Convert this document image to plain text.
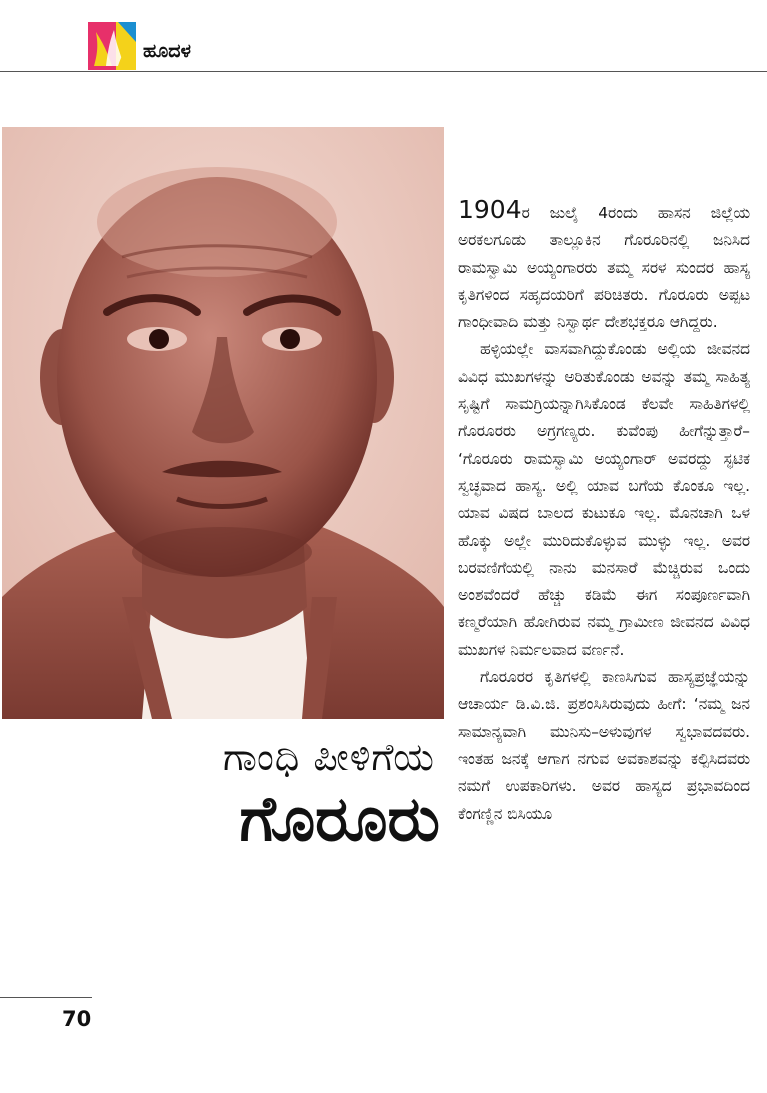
ಹೂದಳ
ಗಾಂಧಿ ಪೀಳಿಗೆಯ
ಗೊರೂರು

1904ರ ಜುಲೈ 4ರಂದು ಹಾಸನ ಜಿಲ್ಲೆಯ ಅರಕಲಗೂಡು ತಾಲ್ಲೂಕಿನ ಗೊರೂರಿನಲ್ಲಿ ಜನಿಸಿದ ರಾಮಸ್ವಾಮಿ ಅಯ್ಯಂಗಾರರು ತಮ್ಮ ಸರಳ ಸುಂದರ ಹಾಸ್ಯ ಕೃತಿಗಳಿಂದ ಸಹೃದಯರಿಗೆ ಪರಿಚಿತರು. ಗೊರೂರು ಅಪ್ಪಟ ಗಾಂಧೀವಾದಿ ಮತ್ತು ನಿಸ್ವಾರ್ಥ ದೇಶಭಕ್ತರೂ ಆಗಿದ್ದರು.

ಹಳ್ಳಿಯಲ್ಲೇ ವಾಸವಾಗಿದ್ದುಕೊಂಡು ಅಲ್ಲಿಯ ಜೀವನದ ವಿವಿಧ ಮುಖಗಳನ್ನು ಅರಿತುಕೊಂಡು ಅವನ್ನು ತಮ್ಮ ಸಾಹಿತ್ಯ ಸೃಷ್ಟಿಗೆ ಸಾಮಗ್ರಿಯನ್ನಾಗಿಸಿಕೊಂಡ ಕೆಲವೇ ಸಾಹಿತಿಗಳಲ್ಲಿ ಗೊರೂರರು ಅಗ್ರಗಣ್ಯರು. ಕುವೆಂಪು ಹೀಗೆನ್ನುತ್ತಾರೆ– ‘ಗೊರೂರು ರಾಮಸ್ವಾಮಿ ಅಯ್ಯಂಗಾರ್ ಅವರದ್ದು ಸ್ಫಟಿಕ ಸ್ವಚ್ಛವಾದ ಹಾಸ್ಯ. ಅಲ್ಲಿ ಯಾವ ಬಗೆಯ ಕೊಂಕೂ ಇಲ್ಲ. ಯಾವ ವಿಷದ ಬಾಲದ ಕುಟುಕೂ ಇಲ್ಲ. ಮೊನಚಾಗಿ ಒಳ ಹೊಕ್ಕು ಅಲ್ಲೇ ಮುರಿದುಕೊಳ್ಳುವ ಮುಳ್ಳು ಇಲ್ಲ. ಅವರ ಬರವಣಿಗೆಯಲ್ಲಿ ನಾನು ಮನಸಾರೆ ಮೆಚ್ಚಿರುವ ಒಂದು ಅಂಶವೆಂದರೆ ಹೆಚ್ಚು ಕಡಿಮೆ ಈಗ ಸಂಪೂರ್ಣವಾಗಿ ಕಣ್ಮರೆಯಾಗಿ ಹೋಗಿರುವ ನಮ್ಮ ಗ್ರಾಮೀಣ ಜೀವನದ ವಿವಿಧ ಮುಖಗಳ ನಿರ್ಮಲವಾದ ವರ್ಣನೆ.

ಗೊರೂರರ ಕೃತಿಗಳಲ್ಲಿ ಕಾಣಸಿಗುವ ಹಾಸ್ಯಪ್ರಜ್ಞೆಯನ್ನು ಆಚಾರ್ಯ ಡಿ.ವಿ.ಜಿ. ಪ್ರಶಂಸಿಸಿರುವುದು ಹೀಗೆ: ‘ನಮ್ಮ ಜನ ಸಾಮಾನ್ಯವಾಗಿ ಮುನಿಸು–ಅಳುವುಗಳ ಸ್ವಭಾವದವರು. ಇಂತಹ ಜನಕ್ಕೆ ಆಗಾಗ ನಗುವ ಅವಕಾಶವನ್ನು ಕಲ್ಪಿಸಿದವರು ನಮಗೆ ಉಪಕಾರಿಗಳು. ಅವರ ಹಾಸ್ಯದ ಪ್ರಭಾವದಿಂದ ಕೆಂಗಣ್ಣಿನ ಬಿಸಿಯೂ

70
